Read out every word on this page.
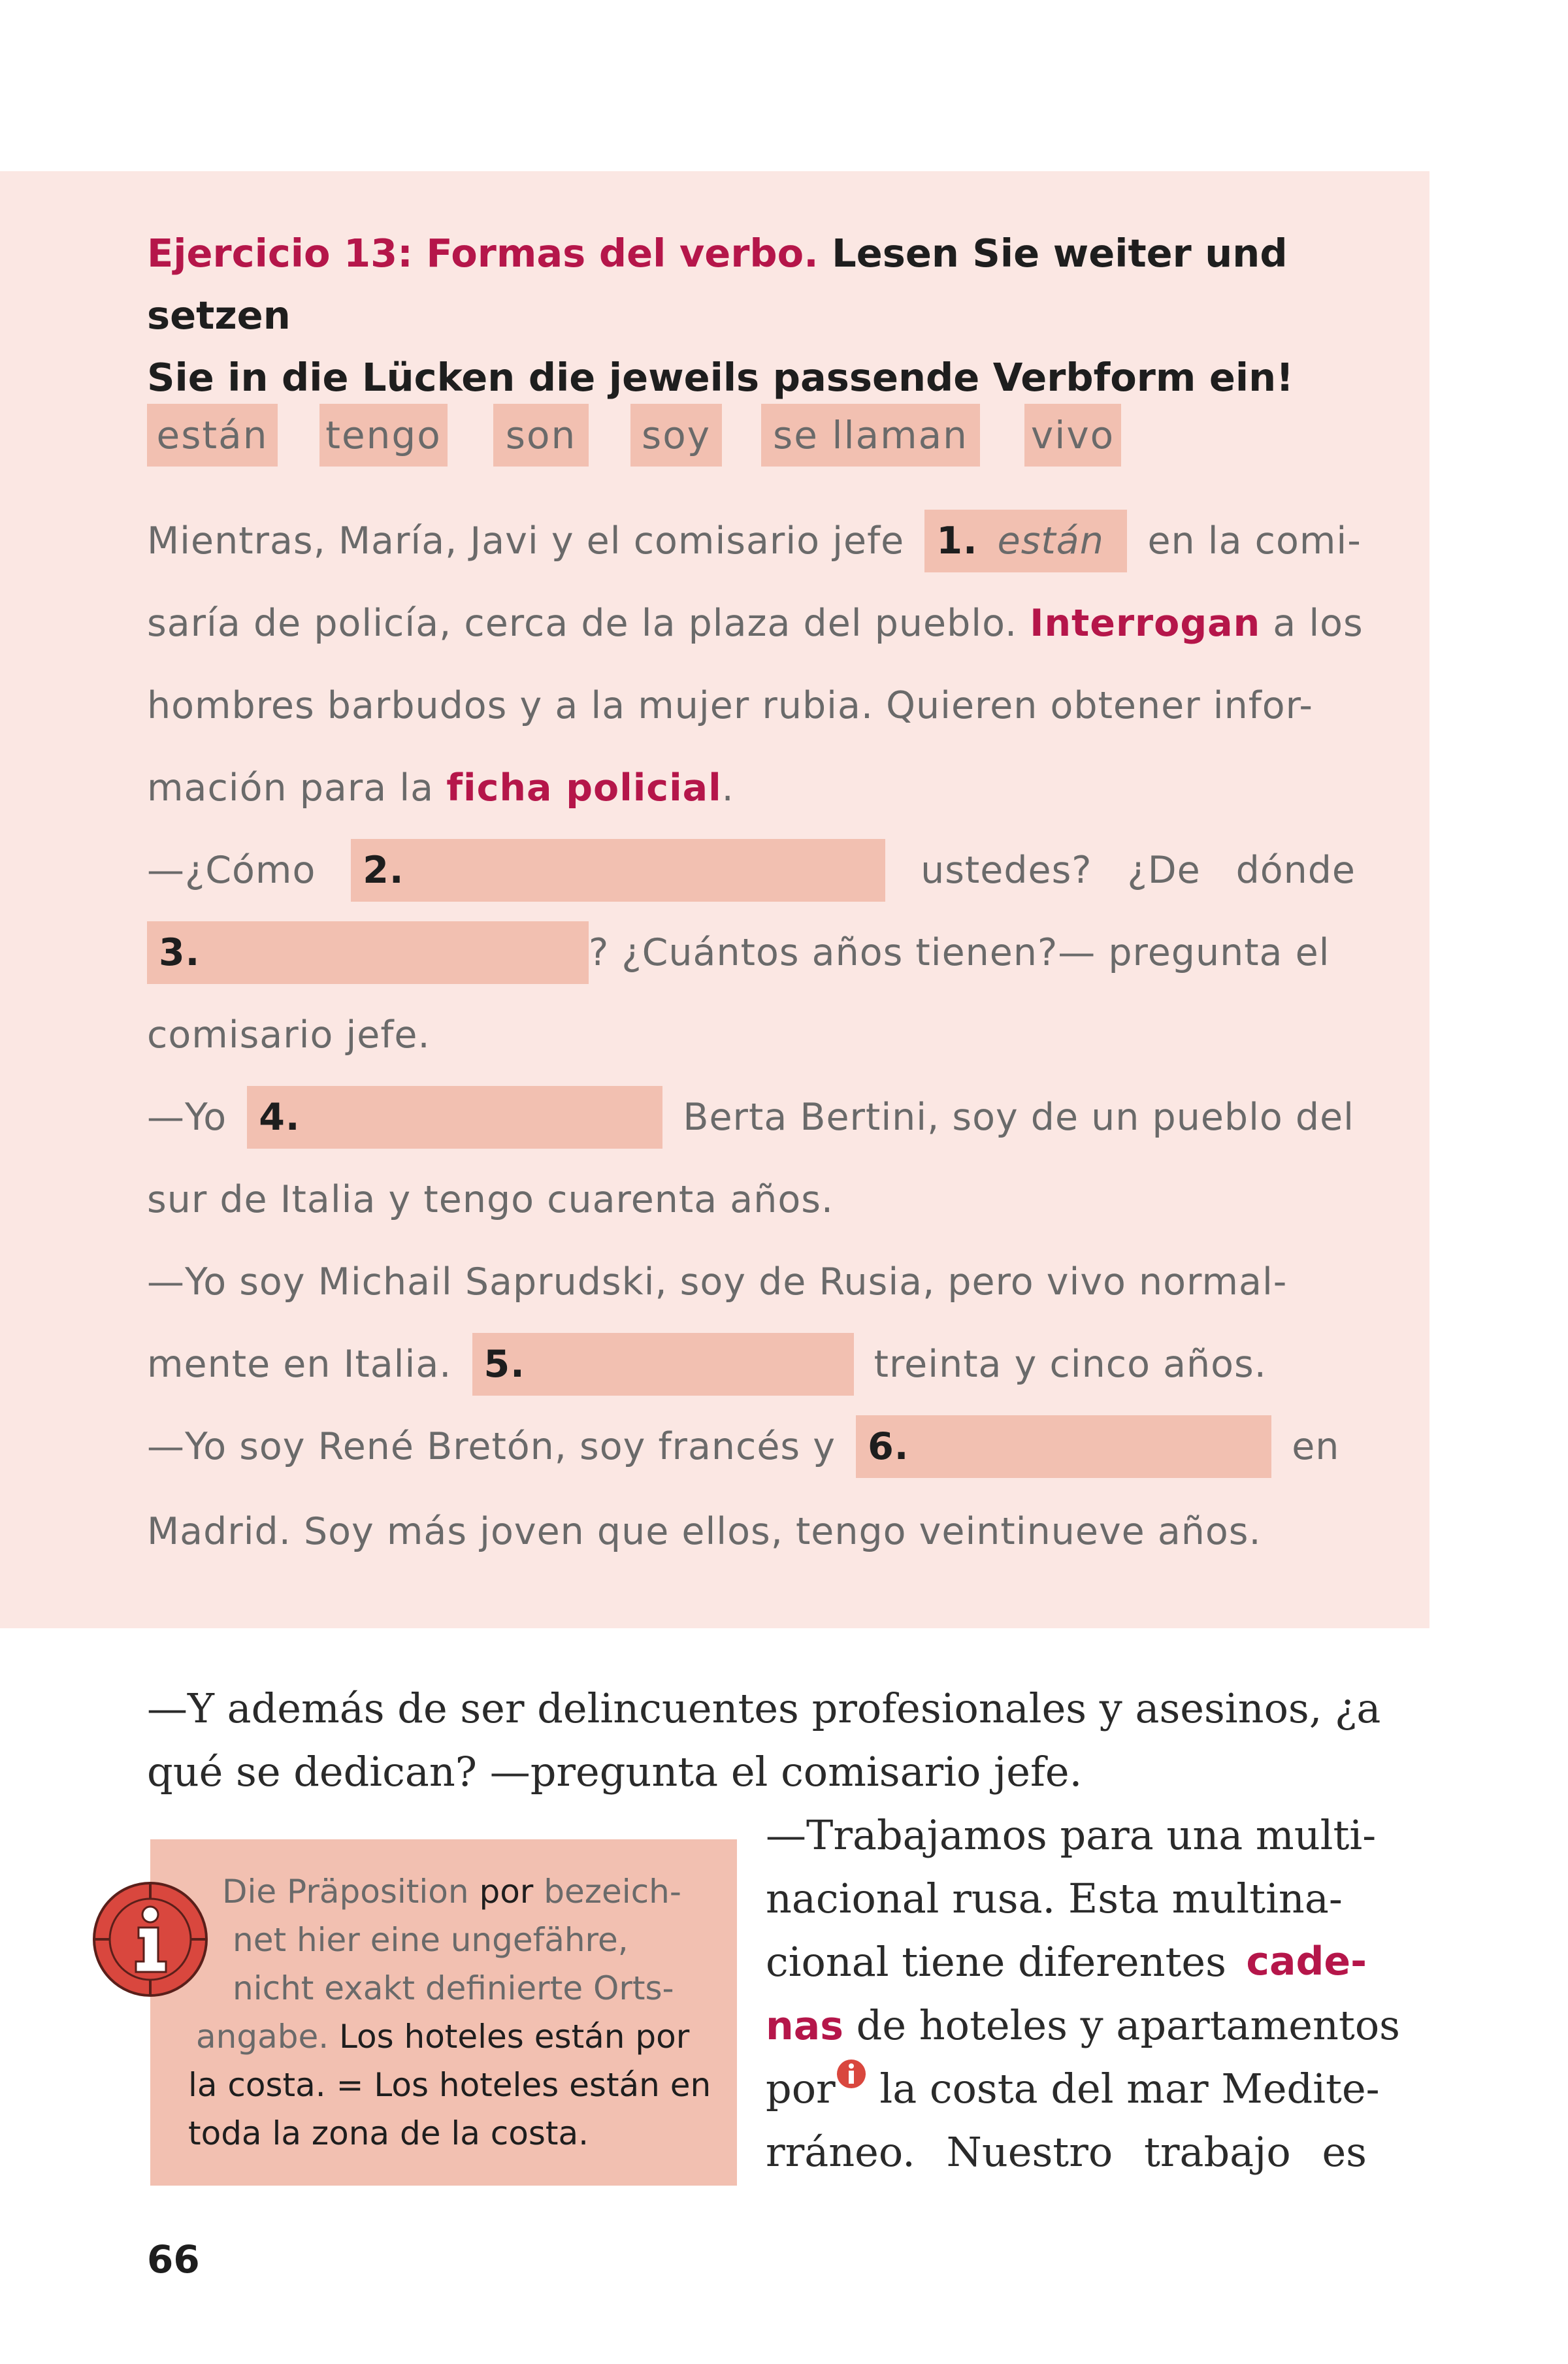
Ejercicio 13: Formas del verbo. Lesen Sie weiter und setzen
Sie in die Lücken die jeweils passende Verbform ein!
están tengo	son	soy	se llaman	vivo
Mientras, María, Javi y el comisario jefe 1. están en la comi-
saría de policía, cerca de la plaza del pueblo. Interrogan a los
hombres barbudos y a la mujer rubia. Quieren obtener infor-
mación para la ficha policial.
—¿Cómo	2.	ustedes? ¿De dónde
3.	? ¿Cuántos años tienen?— pregunta el
comisario jefe.
—Yo 4.	Berta Bertini, soy de un pueblo del
sur de Italia y tengo cuarenta años.
—Yo soy Michail Saprudski, soy de Rusia, pero vivo normal-
mente en Italia. 5.	treinta y cinco años.
—Yo soy René Bretón, soy francés y 6.	en
Madrid. Soy más joven que ellos, tengo veintinueve años.
—Y además de ser delincuentes profesionales y asesinos, ¿a
qué se dedican? —pregunta el comisario jefe.
—Trabajamos para una multi-
nacional rusa. Esta multina-
cional tiene diferentes cade-
nas de hoteles y apartamentos
por la costa del mar Medite-
rráneo. Nuestro trabajo es
Die Präposition por bezeich-
net hier eine ungefähre,
nicht exakt definierte Orts-
angabe. Los hoteles están por
la costa. = Los hoteles están en
toda la zona de la costa.
66
